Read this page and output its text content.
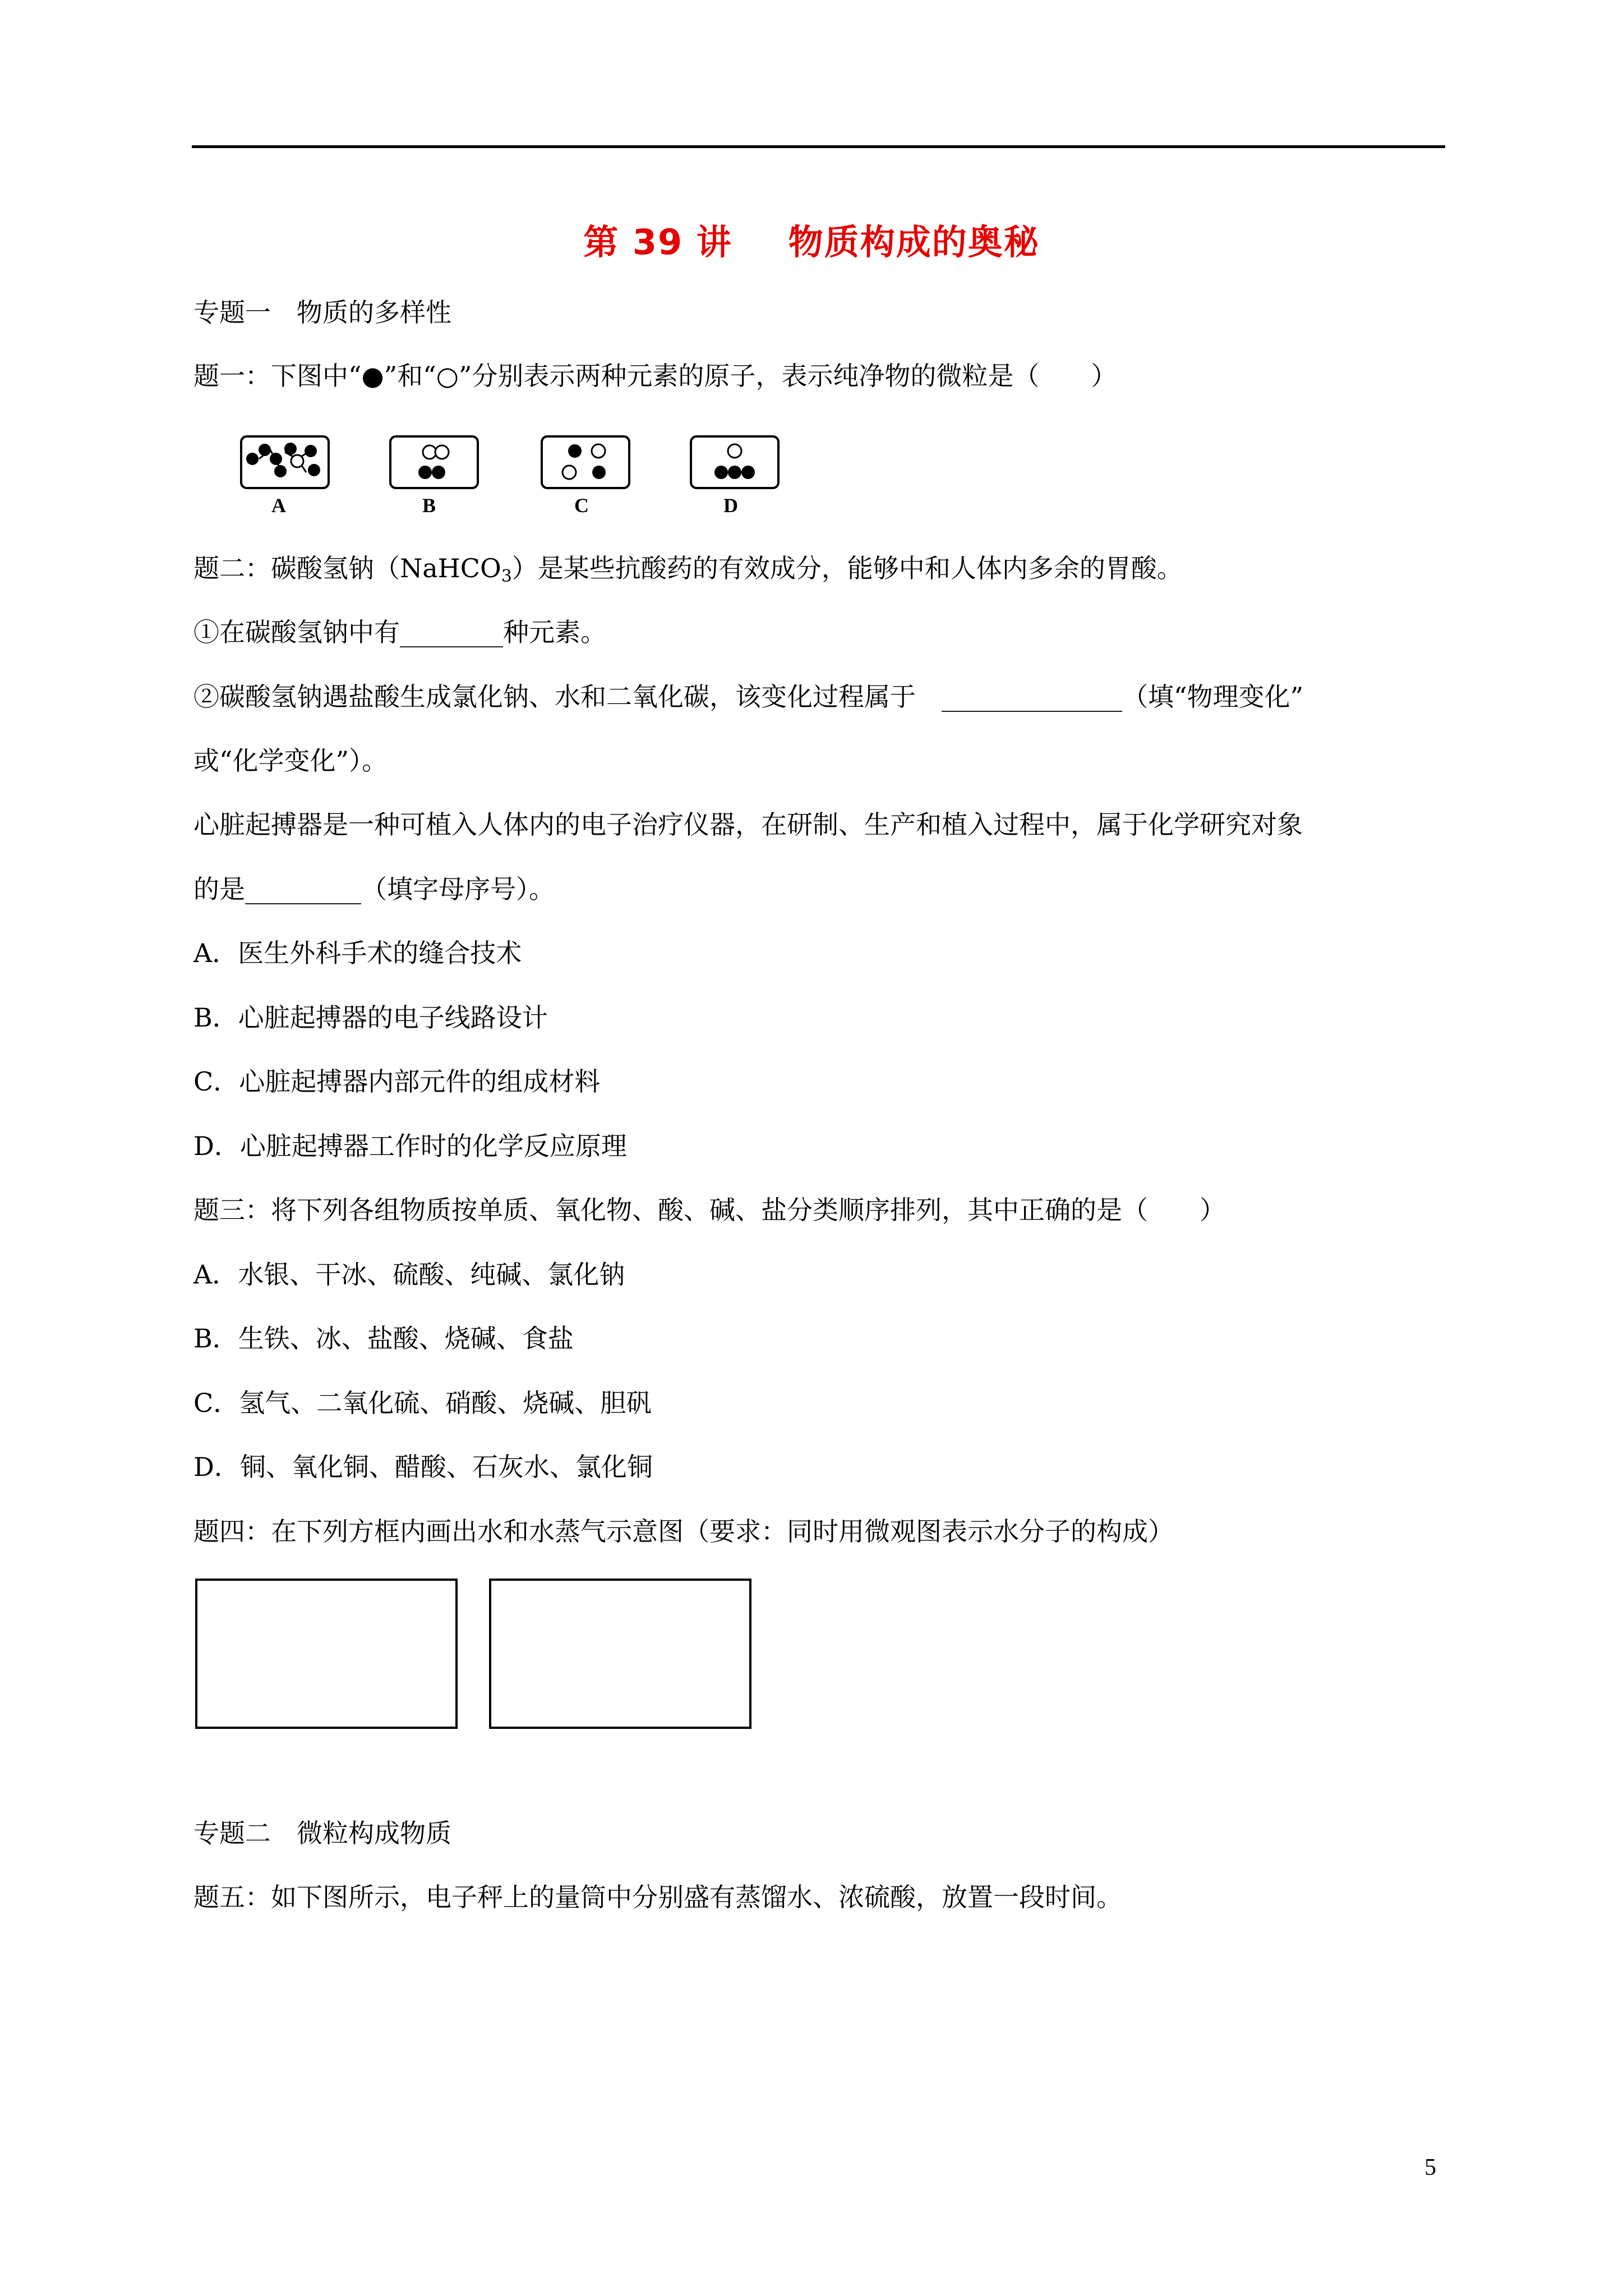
第 39 讲 物质构成的奥秘
专题一　物质的多样性
题一：下图中“●”和“○”分别表示两种元素的原子，表示纯净物的微粒是（　　）
A	B	C	D
题二：碳酸氢钠（NaHCO$_3$）是某些抗酸药的有效成分，能够中和人体内多余的胃酸。
①在碳酸氢钠中有________种元素。
②碳酸氢钠遇盐酸生成氯化钠、水和二氧化碳，该变化过程属于　______________（填“物理变化”
或“化学变化”）。
心脏起搏器是一种可植入人体内的电子治疗仪器，在研制、生产和植入过程中，属于化学研究对象
的是_________（填字母序号）。
A．医生外科手术的缝合技术
B．心脏起搏器的电子线路设计
C．心脏起搏器内部元件的组成材料
D．心脏起搏器工作时的化学反应原理
题三：将下列各组物质按单质、氧化物、酸、碱、盐分类顺序排列，其中正确的是（　　）
A．水银、干冰、硫酸、纯碱、氯化钠
B．生铁、冰、盐酸、烧碱、食盐
C．氢气、二氧化硫、硝酸、烧碱、胆矾
D．铜、氧化铜、醋酸、石灰水、氯化铜
题四：在下列方框内画出水和水蒸气示意图（要求：同时用微观图表示水分子的构成）
专题二　微粒构成物质
题五：如下图所示，电子秤上的量筒中分别盛有蒸馏水、浓硫酸，放置一段时间。
5
